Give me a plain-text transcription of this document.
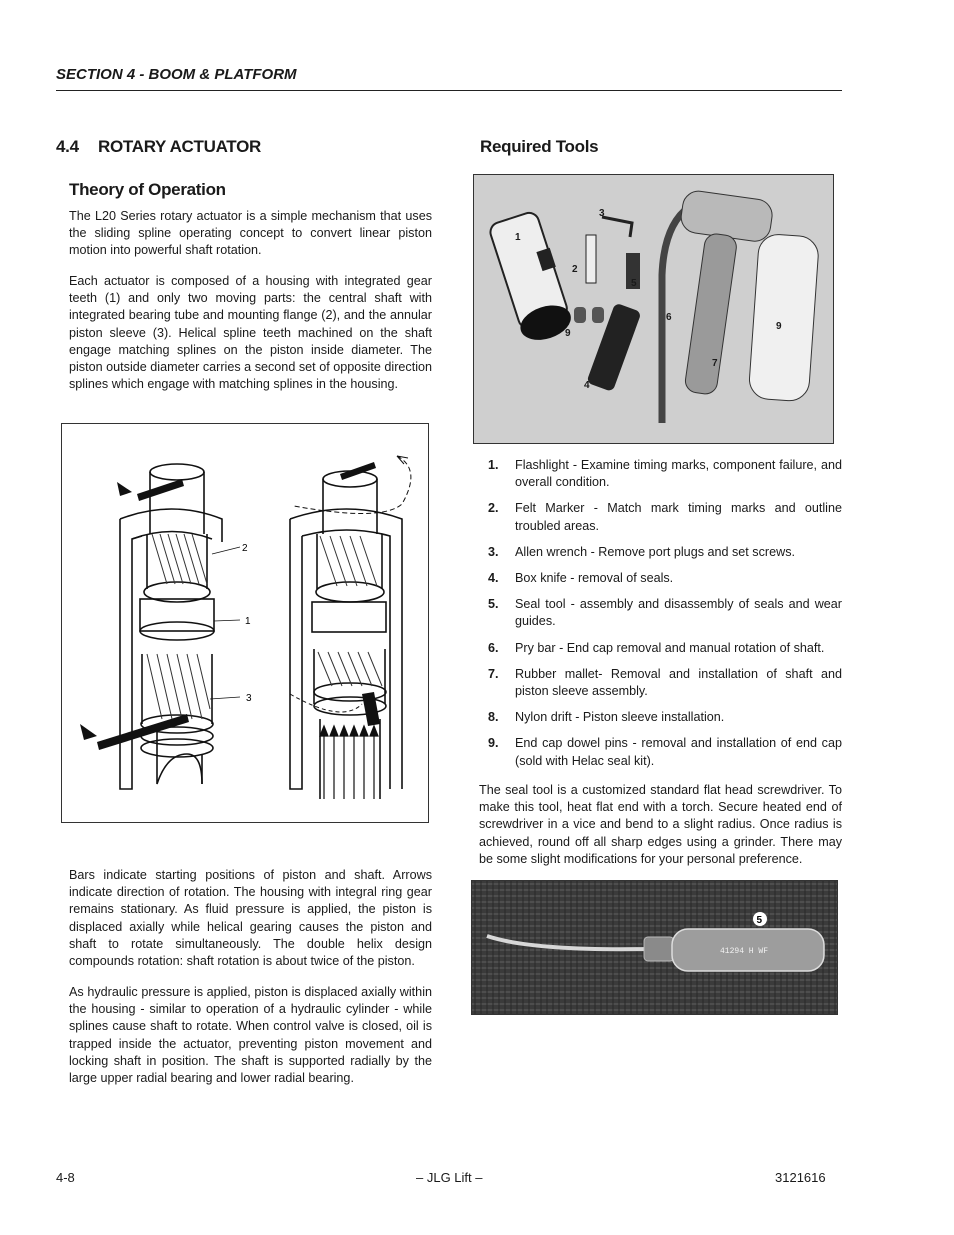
SECTION 4 - BOOM & PLATFORM
4.4 ROTARY ACTUATOR
Theory of Operation

The L20 Series rotary actuator is a simple mechanism that uses the sliding spline operating concept to convert linear piston motion into powerful shaft rotation.

Each actuator is composed of a housing with integrated gear teeth (1) and only two moving parts: the central shaft with integrated bearing tube and mounting flange (2), and the annular piston sleeve (3). Helical spline teeth machined on the shaft engage matching splines on the piston inside diameter. The piston outside diameter carries a second set of opposite direction splines which engage with matching splines in the housing.

2
1
3

Bars indicate starting positions of piston and shaft. Arrows indicate direction of rotation. The housing with integral ring gear remains stationary. As fluid pressure is applied, the piston is displaced axially while helical gearing causes the piston and shaft to rotate simultaneously. The double helix design compounds rotation: shaft rotation is about twice of the piston.

As hydraulic pressure is applied, piston is displaced axially within the housing - similar to operation of a hydraulic cylinder - while splines cause shaft to rotate. When control valve is closed, oil is trapped inside the actuator, preventing piston movement and locking shaft in position. The shaft is supported radially by the large upper radial bearing and lower radial bearing.

Required Tools
1
2
3
4
5
6
7
9
9
1. Flashlight - Examine timing marks, component failure, and overall condition.
2. Felt Marker - Match mark timing marks and outline troubled areas.
3. Allen wrench - Remove port plugs and set screws.
4. Box knife - removal of seals.
5. Seal tool - assembly and disassembly of seals and wear guides.
6. Pry bar - End cap removal and manual rotation of shaft.
7. Rubber mallet- Removal and installation of shaft and piston sleeve assembly.
8. Nylon drift - Piston sleeve installation.
9. End cap dowel pins - removal and installation of end cap (sold with Helac seal kit).

The seal tool is a customized standard flat head screwdriver. To make this tool, heat flat end with a torch. Secure heated end of screwdriver in a vice and bend to a slight radius. Once radius is achieved, round off all sharp edges using a grinder. There may be some slight modifications for your personal preference.

41294 H WF
5
4-8	– JLG Lift –	3121616
